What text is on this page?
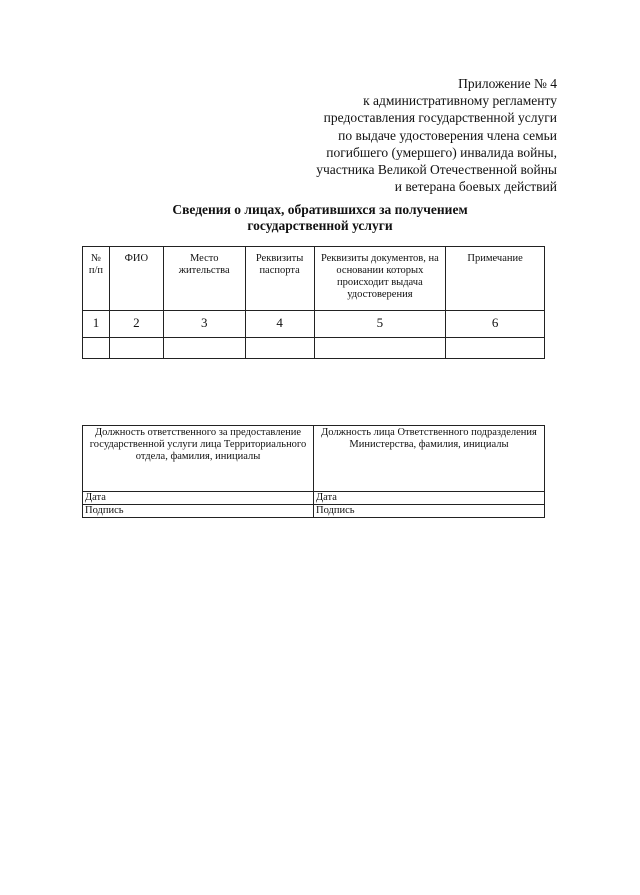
Приложение № 4
к административному регламенту
предоставления государственной услуги
по выдаче удостоверения члена семьи
погибшего (умершего) инвалида войны,
участника Великой Отечественной войны
и ветерана боевых действий
Сведения о лицах, обратившихся за получением
государственной услуги
№ п/п	ФИО	Место жительства	Реквизиты паспорта	Реквизиты документов, на основании которых происходит выдача удостоверения	Примечание
1	2	3	4	5	6

Должность ответственного за предоставление государственной услуги лица Территориального отдела, фамилия, инициалы	Должность лица Ответственного подразделения Министерства, фамилия, инициалы
Дата	Дата
Подпись	Подпись
